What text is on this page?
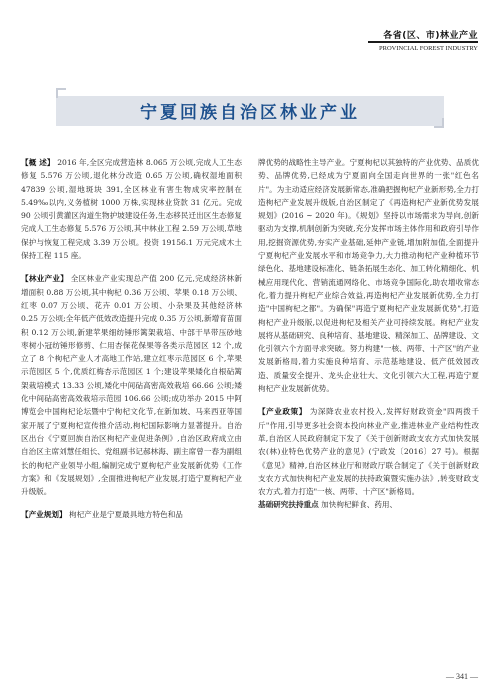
各省(区、市)林业产业
PROVINCIAL FOREST INDUSTRY
宁夏回族自治区林业产业

【概 述】 2016 年,全区完成营造林 8.065 万公顷,完成人工生态修复 5.576 万公顷,退化林分改造 0.65 万公顷,确权湿地面积 47839 公顷,湿地斑块 391,全区林业有害生物成灾率控制在 5.49‰以内,义务植树 1000 万株,实现林业贷款 31 亿元。完成 90 公顷引黄灌区沟道生物护坡建设任务,生态移民迁出区生态修复完成人工生态修复 5.576 万公顷,其中林业工程 2.59 万公顷,草地保护与恢复工程完成 3.39 万公顷。投资 19156.1 万元完成木土保持工程 115 座。

【林业产业】 全区林业产业实现总产值 200 亿元,完成经济林新增面积 0.88 万公顷,其中枸杞 0.36 万公顷、苹果 0.18 万公顷、红枣 0.07 万公顷、花卉 0.01 万公顷、小杂果及其他经济林 0.25 万公顷;全年低产低效改造提升完成 0.35 万公顷,新增育苗面积 0.12 万公顷,新建苹果细纺锤形篱架栽培、中部干旱带压砂地枣树小冠纺锤形修剪、仁用杏保花保果等各类示范园区 12 个,成立了 8 个枸杞产业人才高地工作站,建立红枣示范园区 6 个,苹果示范园区 5 个,优质红梅杏示范园区 1 个;建设苹果矮化自根砧篱架栽培模式 13.33 公顷,矮化中间砧高密高效栽培 66.66 公顷;矮化中间砧高密高效栽培示范园 106.66 公顷;成功举办 2015 中阿博览会中国枸杞论坛暨中宁枸杞文化节,在新加坡、马来西亚等国家开展了宁夏枸杞宣传推介活动,枸杞国际影响力显著提升。自治区出台《宁夏回族自治区枸杞产业促进条例》,自治区政府成立由自治区主席刘慧任组长、党组副书记郝林海、副主席曾一春为副组长的枸杞产业领导小组,编制完成宁夏枸杞产业发展新优势《工作方案》和《发展规划》,全面推进枸杞产业发展,打造宁夏枸杞产业升级版。

【产业规划】 枸杞产业是宁夏最具地方特色和品

牌优势的战略性主导产业。宁夏枸杞以其独特的产业优势、品质优势、品牌优势,已经成为宁夏面向全国走向世界的一张"红色名片"。为主动适应经济发展新常态,准确把握枸杞产业新形势,全力打造枸杞产业发展升级版,自治区制定了《再造枸杞产业新优势发展规划》(2016 ~ 2020 年)。《规划》坚持以市场需求为导向,创新驱动为支撑,机制创新为突破,充分发挥市场主体作用和政府引导作用,挖掘资源优势,夯实产业基础,延伸产业链,增加附加值,全面提升宁夏枸杞产业发展水平和市场竞争力,大力推动枸杞产业种植环节绿色化、基地建设标准化、链条拓展生态化、加工转化精细化、机械应用现代化、营销流通网络化、市场竞争国际化,助农增收常态化,着力提升枸杞产业综合效益,再造枸杞产业发展新优势,全力打造"中国枸杞之都"。为确保"再造宁夏枸杞产业发展新优势",打造枸杞产业升级版,以促进枸杞及相关产业可持续发展。枸杞产业发展将从基础研究、良种培育、基地建设、精深加工、品牌建设、文化引领六个方面寻求突破。努力构建"一核、两带、十产区"的产业发展新格局,着力实施良种培育、示范基地建设、低产低效园改造、质量安全提升、龙头企业壮大、文化引领六大工程,再造宁夏枸杞产业发展新优势。

【产业政策】 为深降农业农村投入,发挥好财政资金"四两拨千斤"作用,引导更多社会资本投向林业产业,推进林业产业结构性改革,自治区人民政府制定下发了《关于创新财政支农方式加快发展农(林)业特色优势产业的意见》(宁政发〔2016〕27 号)。根据《意见》精神,自治区林业厅和财政厅联合制定了《关于创新财政支农方式加快枸杞产业发展的扶持政策暨实施办法》,转变财政支农方式,着力打造"一核、两带、十产区"新格局。

基础研究扶持重点 加快枸杞鲜食、药用、

— 341 —
